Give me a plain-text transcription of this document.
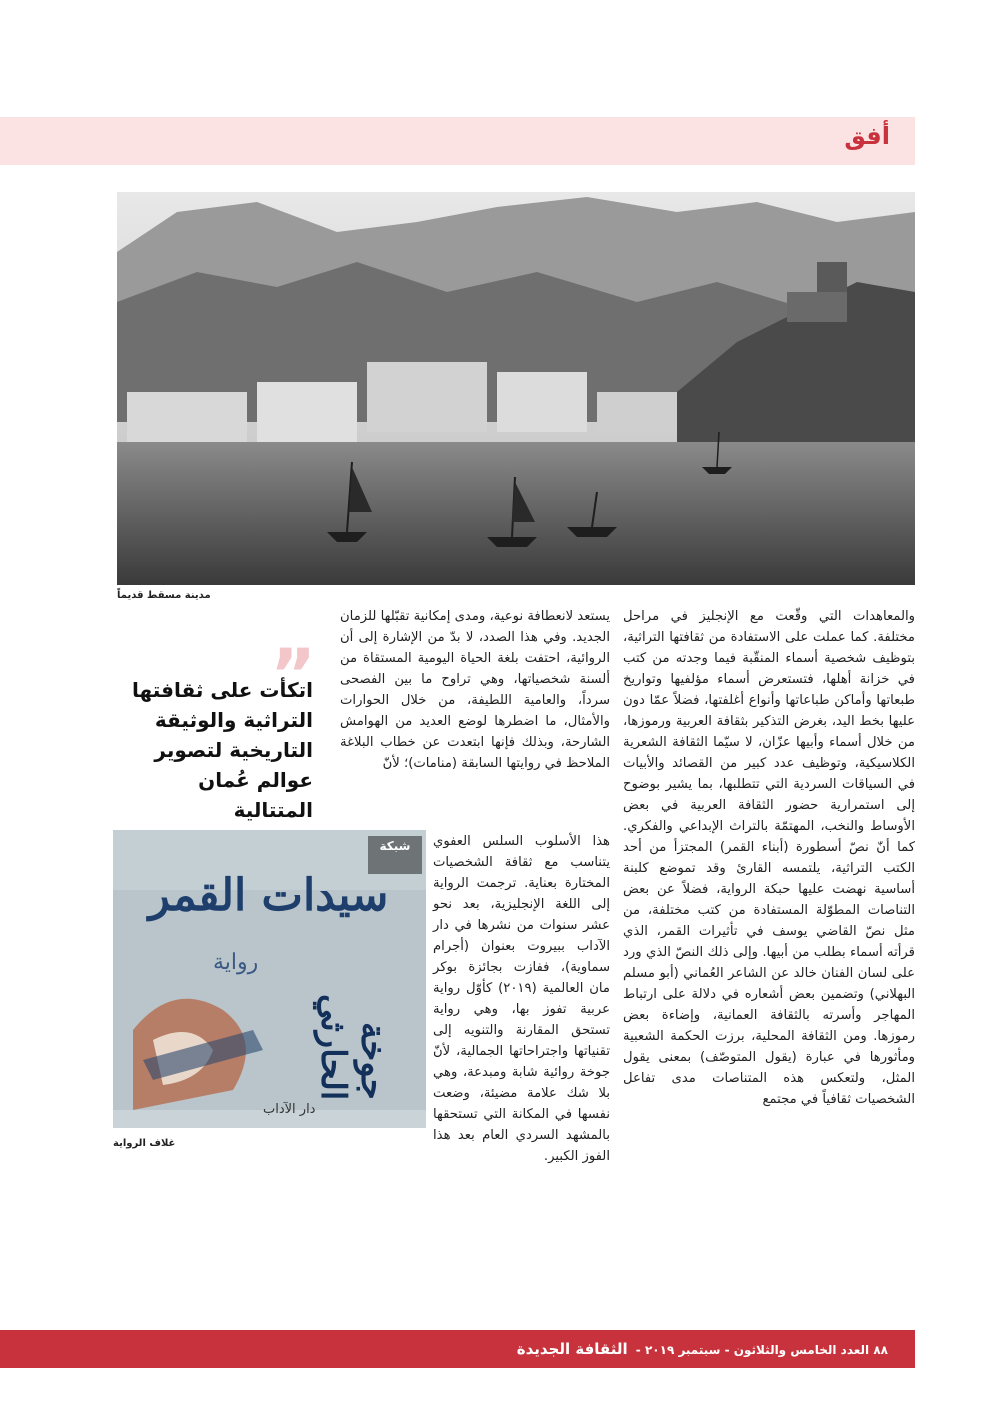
أفق
مدينة مسقط قديماً

والمعاهدات التي وقّعت مع الإنجليز في مراحل مختلفة. كما عملت على الاستفادة من ثقافتها التراثية، بتوظيف شخصية أسماء المنقّبة فيما وجدته من كتب في خزانة أهلها، فتستعرض أسماء مؤلفيها وتواريخ طبعاتها وأماكن طباعاتها وأنواع أغلفتها، فضلاً عمّا دون عليها بخط اليد، بغرض التذكير بثقافة العربية ورموزها، من خلال أسماء وأبيها عزّان، لا سيّما الثقافة الشعرية الكلاسيكية، وتوظيف عدد كبير من القصائد والأبيات في السياقات السردية التي تتطلبها، بما يشير بوضوح إلى استمرارية حضور الثقافة العربية في بعض الأوساط والنخب، المهتمّة بالتراث الإبداعي والفكري. كما أنّ نصّ أسطورة (أبناء القمر) المجتزأ من أحد الكتب التراثية، يلتمسه القارئ وقد تموضع كلبنة أساسية نهضت عليها حبكة الرواية، فضلاً عن بعض التناصات المطوّلة المستفادة من كتب مختلفة، من مثل نصّ القاضي يوسف في تأثيرات القمر، الذي قرأته أسماء بطلب من أبيها. وإلى ذلك النصّ الذي ورد على لسان الفنان خالد عن الشاعر العُماني (أبو مسلم البهلاني) وتضمين بعض أشعاره في دلالة على ارتباط المهاجر وأسرته بالثقافة العمانية، وإضاءة بعض رموزها. ومن الثقافة المحلية، برزت الحكمة الشعبية ومأثورها في عبارة (يقول المتوصّف) بمعنى يقول المثل، ولتعكس هذه المتناصات مدى تفاعل الشخصيات ثقافياً في مجتمع

يستعد لانعطافة نوعية، ومدى إمكانية تقبّلها للزمان الجديد. وفي هذا الصدد، لا بدّ من الإشارة إلى أن الروائية، احتفت بلغة الحياة اليومية المستقاة من ألسنة شخصياتها، وهي تراوح ما بين الفصحى سرداً، والعامية اللطيفة، من خلال الحوارات والأمثال، ما اضطرها لوضع العديد من الهوامش الشارحة، وبذلك فإنها ابتعدت عن خطاب البلاغة الملاحظ في روايتها السابقة (منامات)؛ لأنّ

هذا الأسلوب السلس العفوي يتناسب مع ثقافة الشخصيات المختارة بعناية. ترجمت الرواية إلى اللغة الإنجليزية، بعد نحو عشر سنوات من نشرها في دار الآداب ببيروت بعنوان (أجرام سماوية)، ففازت بجائزة بوكر مان العالمية (٢٠١٩) كأوّل رواية عربية تفوز بها، وهي رواية تستحق المقارنة والتنويه إلى تقنياتها واجتراحاتها الجمالية، لأنّ جوخة روائية شابة ومبدعة، وهي بلا شك علامة مضيئة، وضعت نفسها في المكانة التي تستحقها بالمشهد السردي العام بعد هذا الفوز الكبير.

”
اتكأت على ثقافتها التراثية والوثيقة التاريخية لتصوير عوالم عُمان المتتالية
شبكة
سيدات القمر
رواية
جوخة الحارثي
دار الآداب
غلاف الرواية
٨٨ العدد الخامس والثلاثون - سبتمبر ٢٠١٩ - الثقافة الجديدة
